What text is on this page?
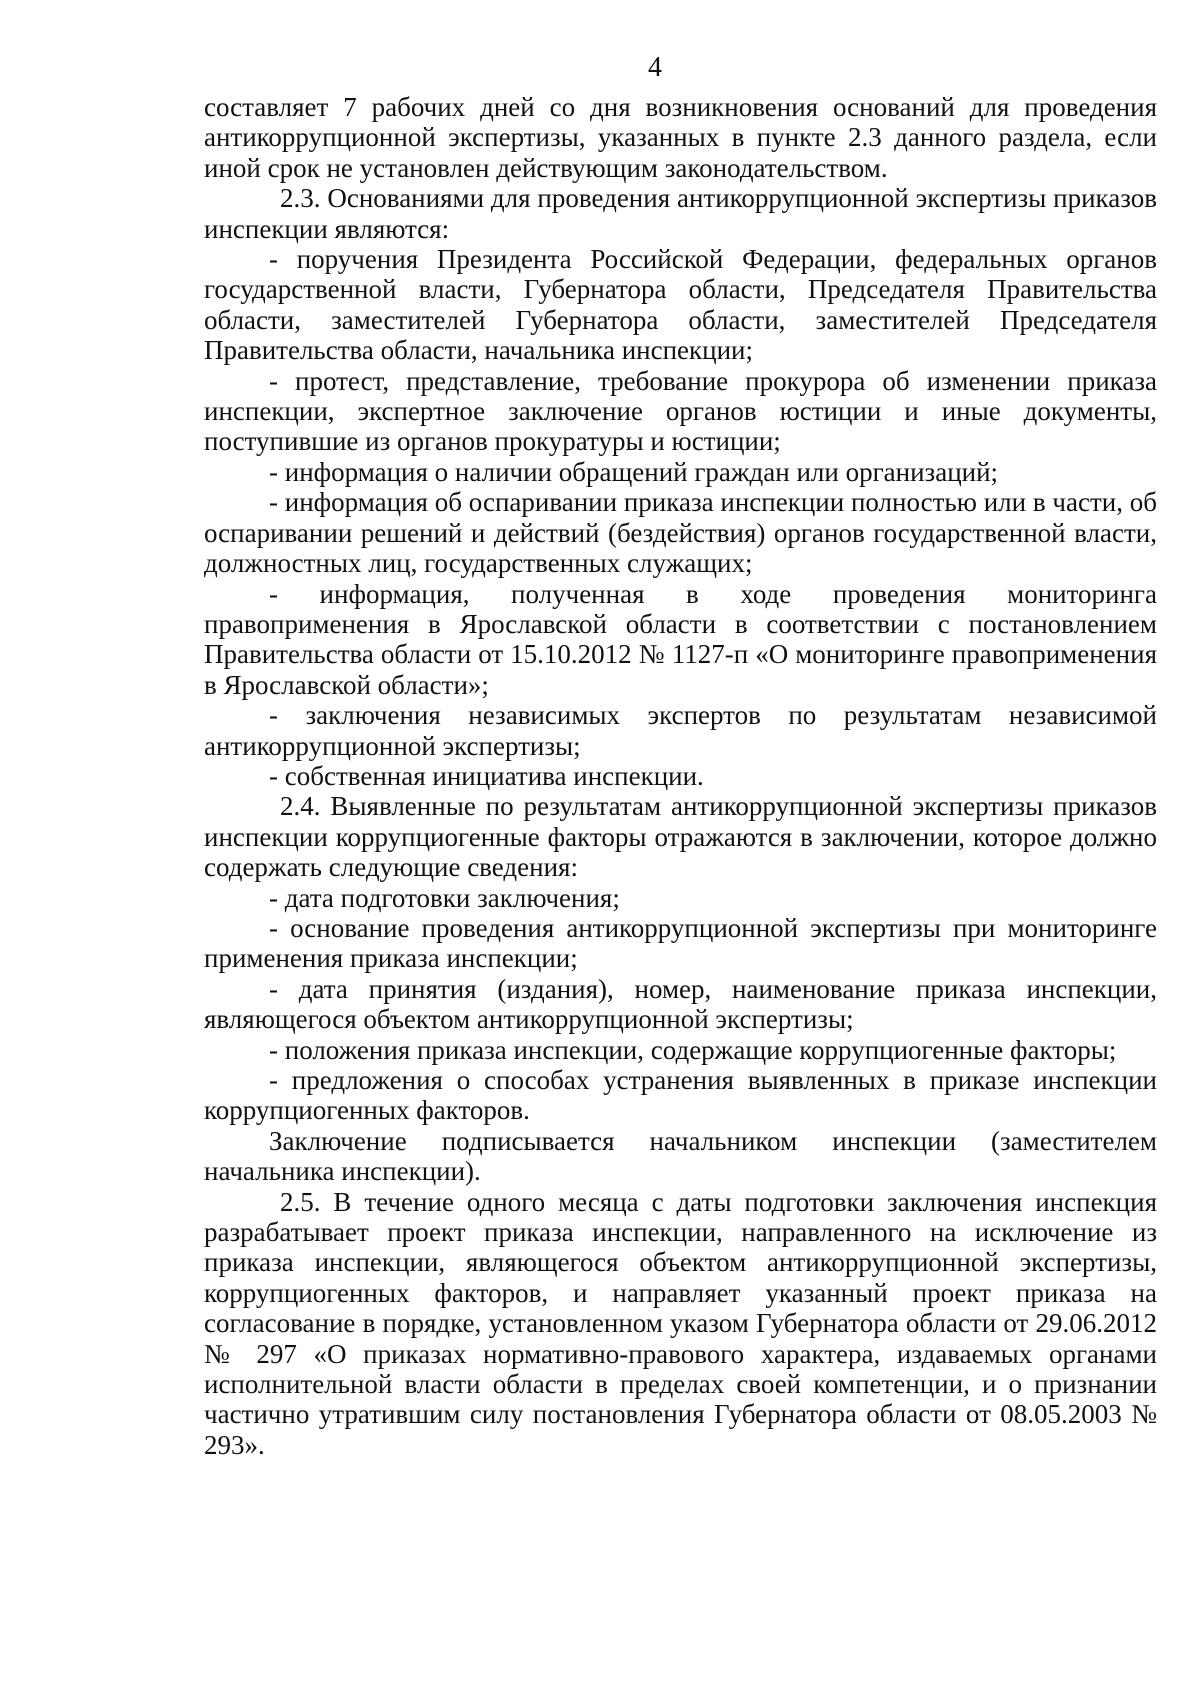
4

составляет 7 рабочих дней со дня возникновения оснований для проведения антикоррупционной экспертизы, указанных в пункте 2.3 данного раздела, если иной срок не установлен действующим законодательством.

2.3. Основаниями для проведения антикоррупционной экспертизы приказов инспекции являются:

- поручения Президента Российской Федерации, федеральных органов государственной власти, Губернатора области, Председателя Правительства области, заместителей Губернатора области, заместителей Председателя Правительства области, начальника инспекции;

- протест, представление, требование прокурора об изменении приказа инспекции, экспертное заключение органов юстиции и иные документы, поступившие из органов прокуратуры и юстиции;

- информация о наличии обращений граждан или организаций;

- информация об оспаривании приказа инспекции полностью или в части, об оспаривании решений и действий (бездействия) органов государственной власти, должностных лиц, государственных служащих;

- информация, полученная в ходе проведения мониторинга правоприменения в Ярославской области в соответствии с постановлением Правительства области от 15.10.2012 № 1127-п «О мониторинге правоприменения в Ярославской области»;

- заключения независимых экспертов по результатам независимой антикоррупционной экспертизы;

- собственная инициатива инспекции.

2.4. Выявленные по результатам антикоррупционной экспертизы приказов инспекции коррупциогенные факторы отражаются в заключении, которое должно содержать следующие сведения:

- дата подготовки заключения;

- основание проведения антикоррупционной экспертизы при мониторинге применения приказа инспекции;

- дата принятия (издания), номер, наименование приказа инспекции, являющегося объектом антикоррупционной экспертизы;

- положения приказа инспекции, содержащие коррупциогенные факторы;

- предложения о способах устранения выявленных в приказе инспекции коррупциогенных факторов.

Заключение подписывается начальником инспекции (заместителем начальника инспекции).

2.5. В течение одного месяца с даты подготовки заключения инспекция разрабатывает проект приказа инспекции, направленного на исключение из приказа инспекции, являющегося объектом антикоррупционной экспертизы, коррупциогенных факторов, и направляет указанный проект приказа на согласование в порядке, установленном указом Губернатора области от 29.06.2012 № 297 «О приказах нормативно-правового характера, издаваемых органами исполнительной власти области в пределах своей компетенции, и о признании частично утратившим силу постановления Губернатора области от 08.05.2003 № 293».
